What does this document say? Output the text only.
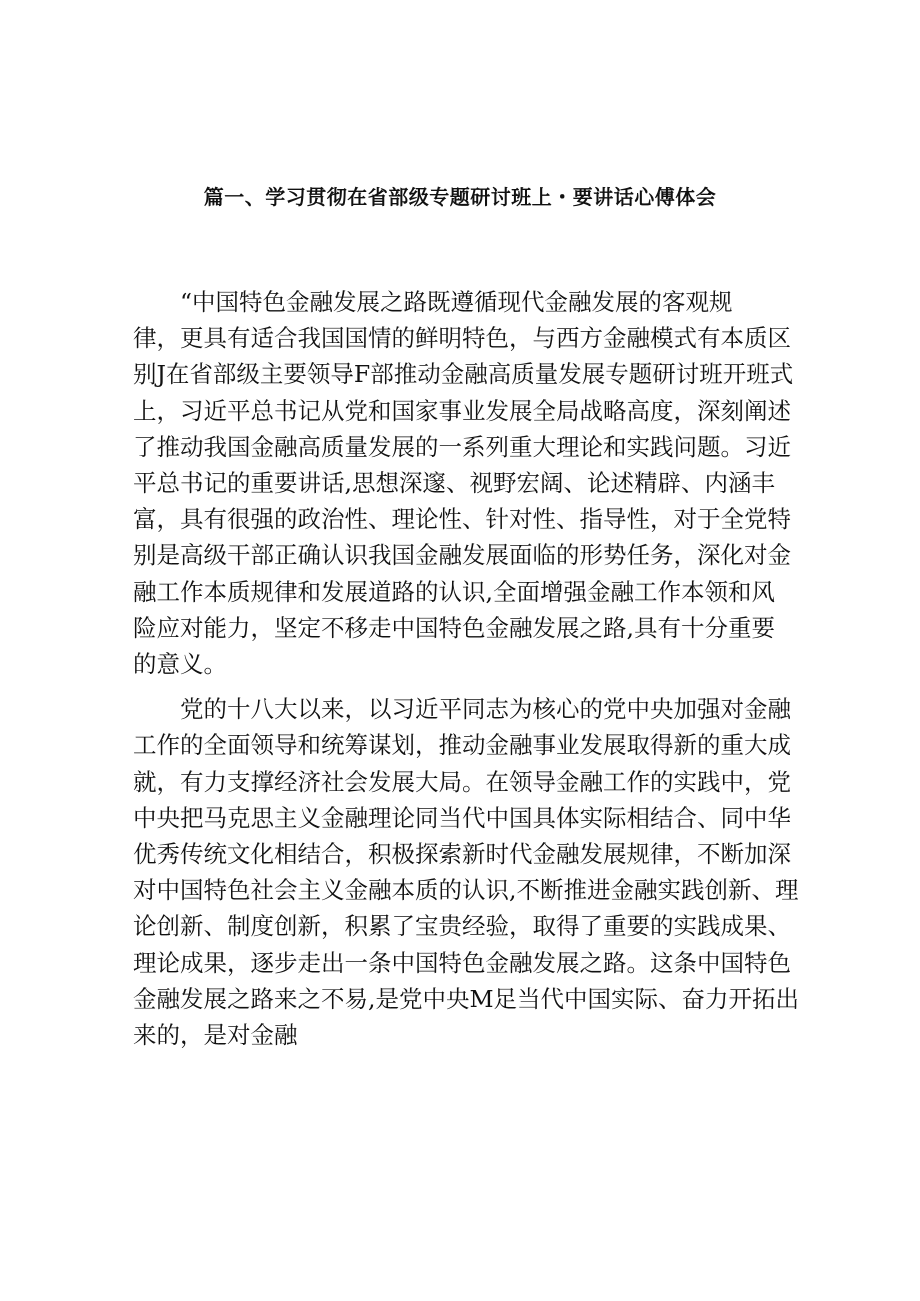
篇一、学习贯彻在省部级专题研讨班上・要讲话心傅体会

“中国特色金融发展之路既遵循现代金融发展的客观规
律，更具有适合我国国情的鲜明特色，与西方金融模式有本质区
别J在省部级主要领导F部推动金融高质量发展专题研讨班开班式
上，习近平总书记从党和国家事业发展全局战略高度，深刻阐述
了推动我国金融高质量发展的一系列重大理论和实践问题。习近
平总书记的重要讲话,思想深邃、视野宏阔、论述精辟、内涵丰
富，具有很强的政治性、理论性、针对性、指导性，对于全党特
别是高级干部正确认识我国金融发展面临的形势任务，深化对金
融工作本质规律和发展道路的认识,全面增强金融工作本领和风
险应对能力，坚定不移走中国特色金融发展之路,具有十分重要
的意义。

党的十八大以来，以习近平同志为核心的党中央加强对金融
工作的全面领导和统筹谋划，推动金融事业发展取得新的重大成
就，有力支撑经济社会发展大局。在领导金融工作的实践中，党
中央把马克思主义金融理论同当代中国具体实际相结合、同中华
优秀传统文化相结合，积极探索新时代金融发展规律，不断加深
对中国特色社会主义金融本质的认识,不断推进金融实践创新、理
论创新、制度创新，积累了宝贵经验，取得了重要的实践成果、
理论成果，逐步走出一条中国特色金融发展之路。这条中国特色
金融发展之路来之不易,是党中央M足当代中国实际、奋力开拓出
来的，是对金融
